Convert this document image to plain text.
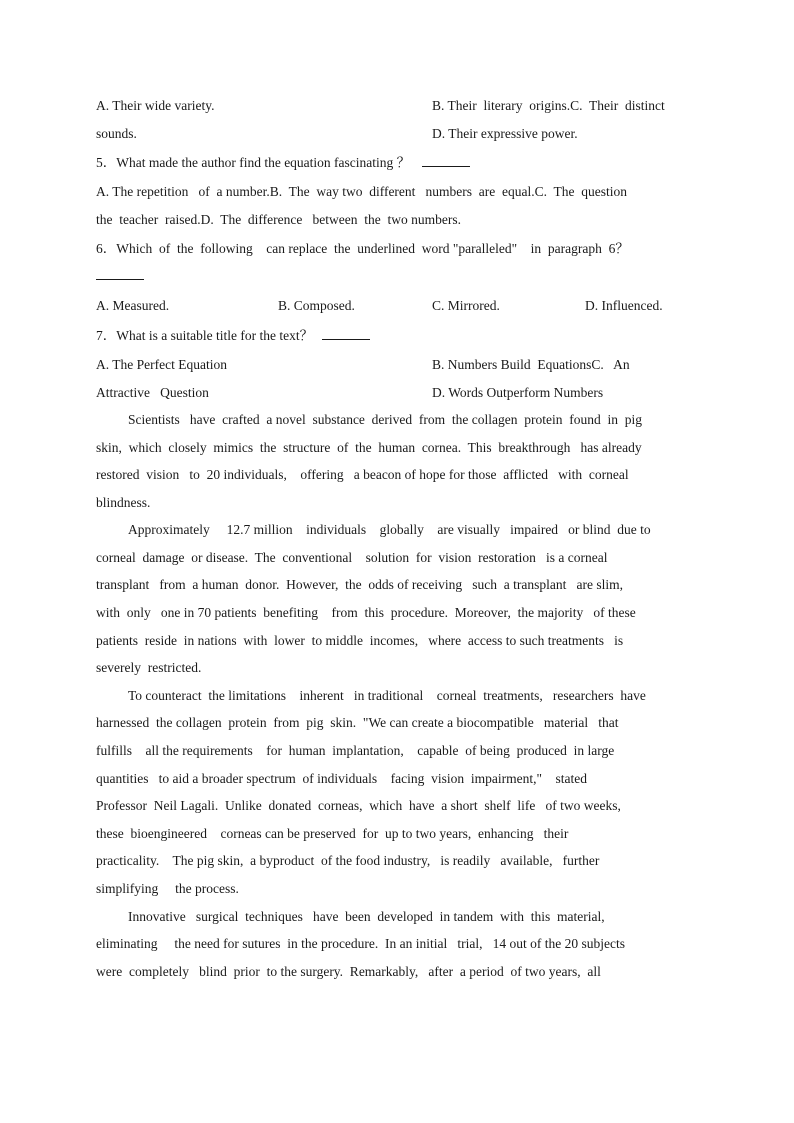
A. Their wide variety.	B. Their  literary  origins.C.  Their  distinct
sounds.	D. Their expressive power.
5．What made the author find the equation fascinating ？
A. The repetition   of  a number.B.  The  way two  different   numbers  are  equal.C.  The  question
the  teacher  raised.D.  The  difference   between  the  two numbers.
6．Which  of  the  following    can replace  the  underlined  word "paralleled"    in  paragraph  6？
A. Measured.	B. Composed.	C. Mirrored.	D. Influenced.
7．What is a suitable title for the text？
A. The Perfect Equation	B. Numbers Build  EquationsC.   An
Attractive   Question	D. Words Outperform Numbers
Scientists   have  crafted  a novel  substance  derived  from  the collagen  protein  found  in  pig
skin,  which  closely  mimics  the  structure  of  the  human  cornea.  This  breakthrough   has already
restored  vision   to  20 individuals,    offering   a beacon of hope for those  afflicted   with  corneal
blindness.
Approximately     12.7 million    individuals    globally    are visually   impaired   or blind  due to
corneal  damage  or disease.  The  conventional    solution  for  vision  restoration   is a corneal
transplant   from  a human  donor.  However,  the  odds of receiving   such  a transplant   are slim,
with  only   one in 70 patients  benefiting    from  this  procedure.  Moreover,  the majority   of these
patients  reside  in nations  with  lower  to middle  incomes,   where  access to such treatments   is
severely  restricted.
To counteract  the limitations    inherent   in traditional    corneal  treatments,   researchers  have
harnessed  the collagen  protein  from  pig  skin.  "We can create a biocompatible   material   that
fulfills    all the requirements    for  human  implantation,    capable  of being  produced  in large
quantities   to aid a broader spectrum  of individuals    facing  vision  impairment,"    stated
Professor  Neil Lagali.  Unlike  donated  corneas,  which  have  a short  shelf  life   of two weeks,
these  bioengineered    corneas can be preserved  for  up to two years,  enhancing   their
practicality.    The pig skin,  a byproduct  of the food industry,   is readily   available,   further
simplifying     the process.
Innovative   surgical  techniques   have  been  developed  in tandem  with  this  material,
eliminating     the need for sutures  in the procedure.  In an initial   trial,   14 out of the 20 subjects
were  completely   blind  prior  to the surgery.  Remarkably,   after  a period  of two years,  all
